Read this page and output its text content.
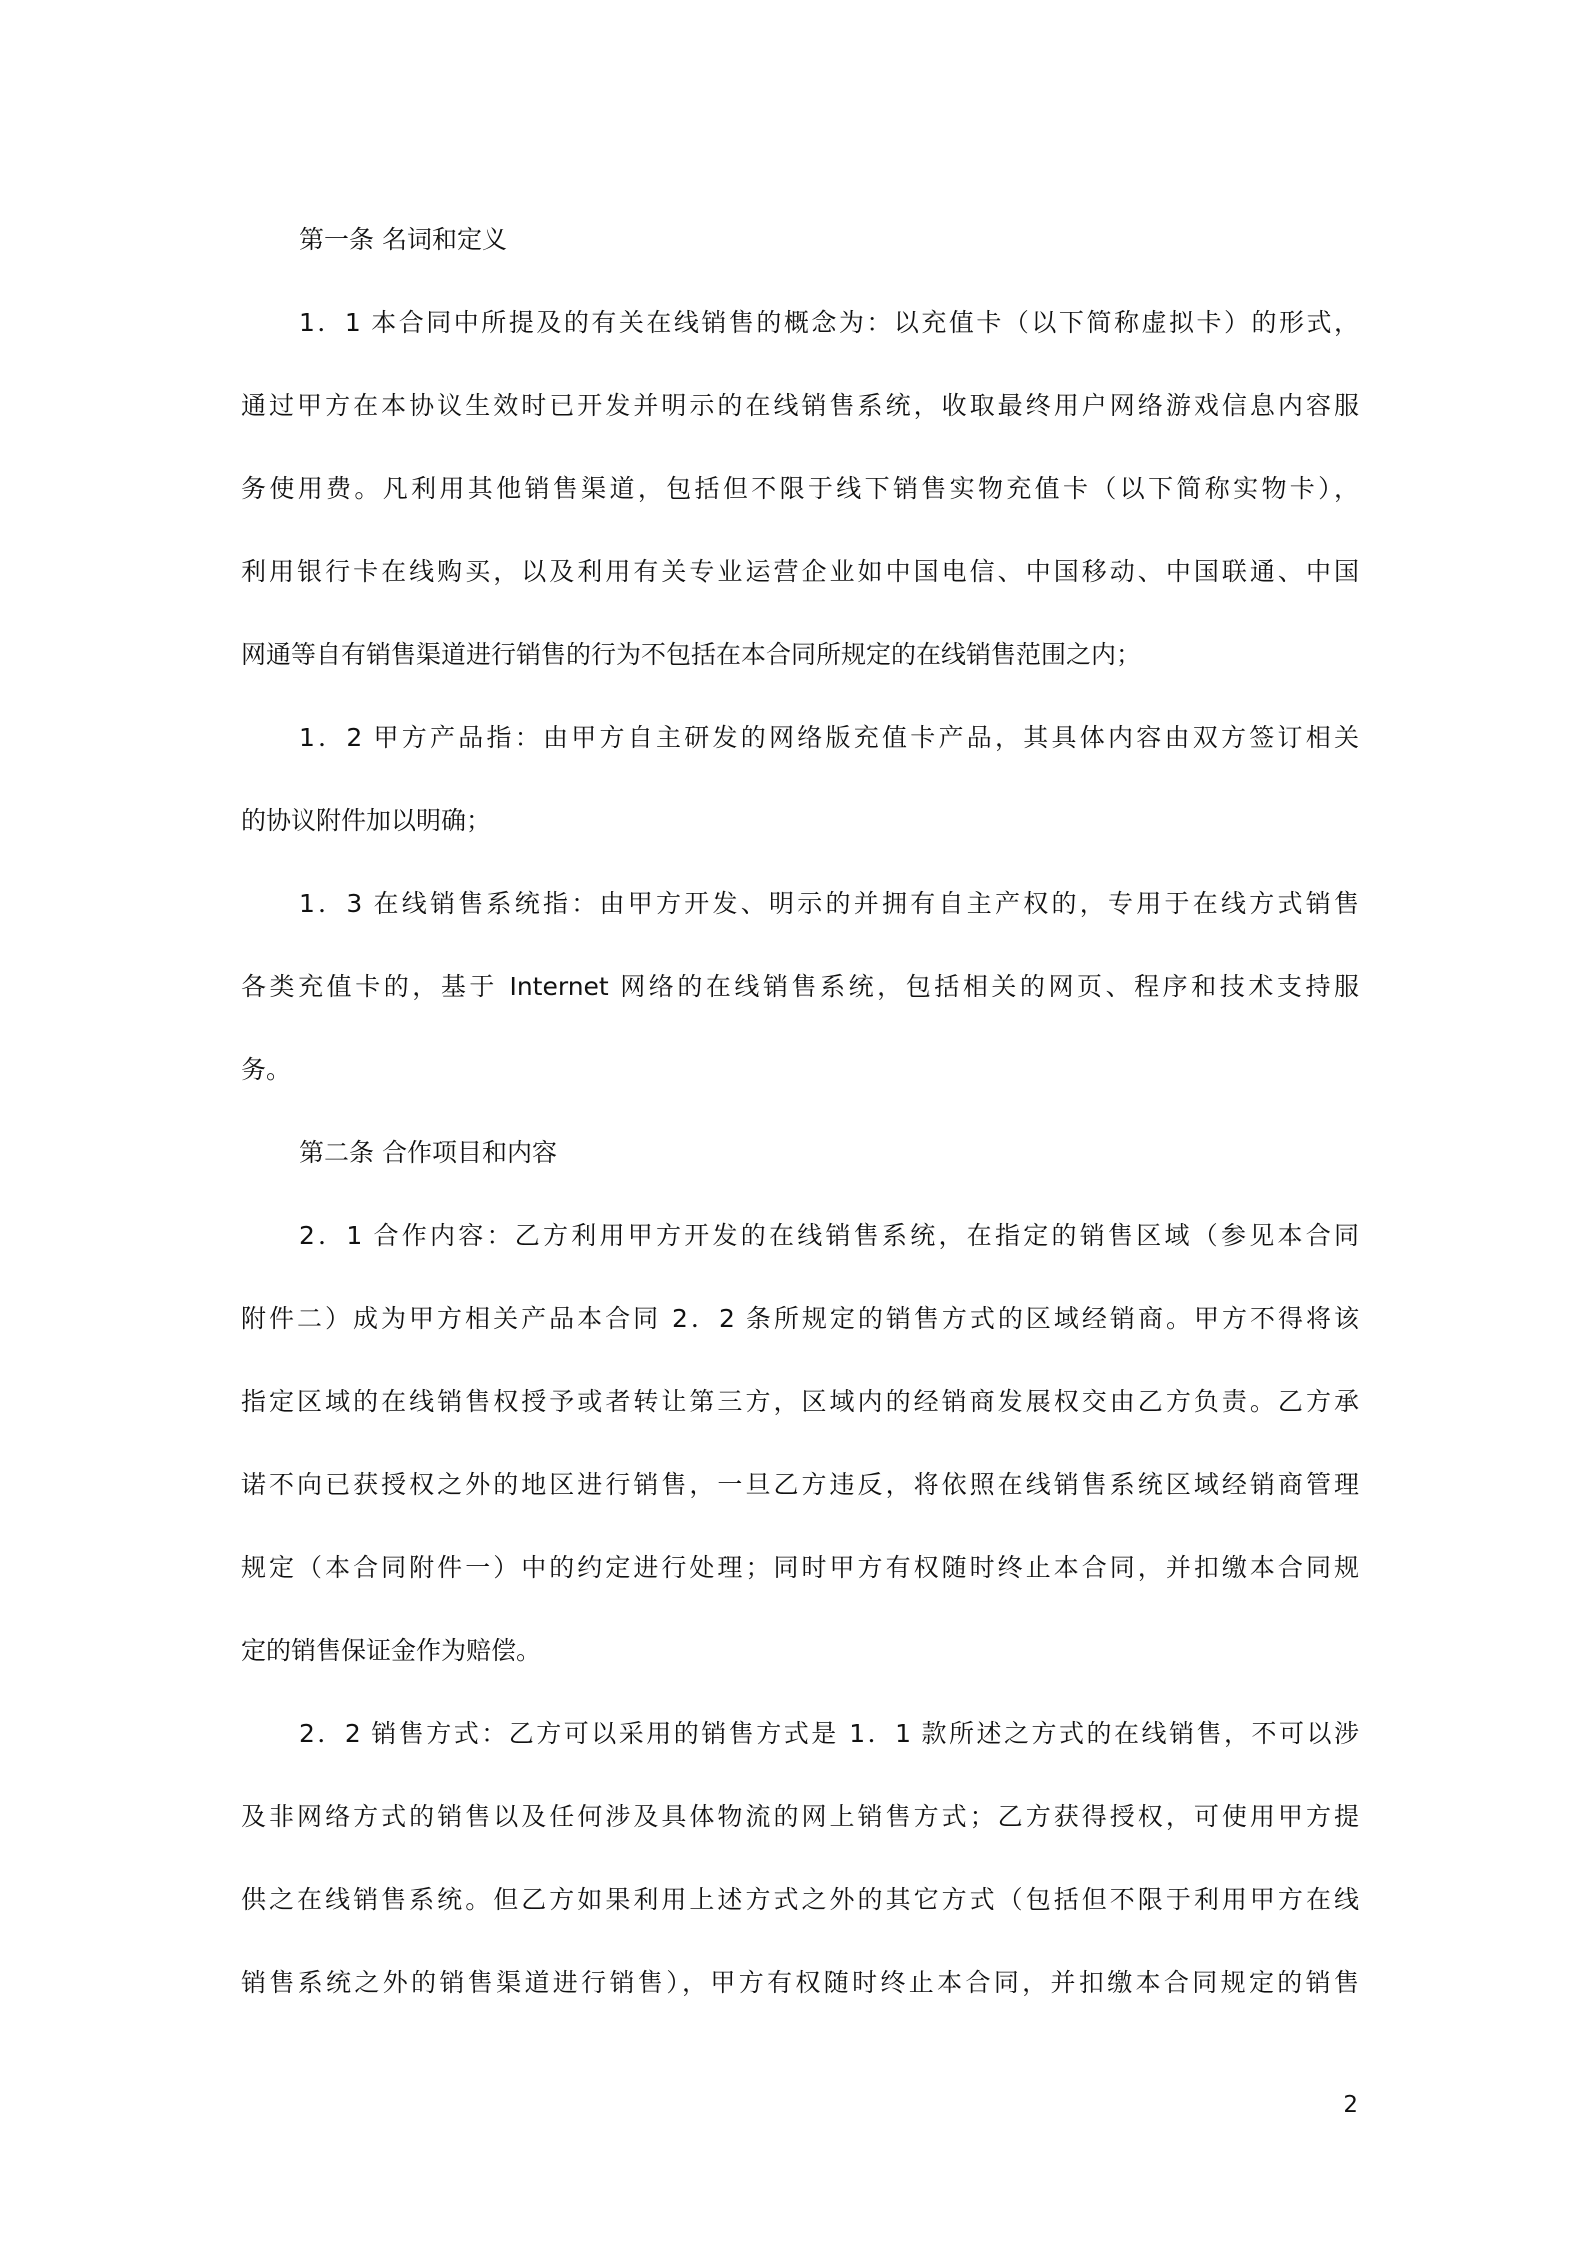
第一条 名词和定义

1．1 本合同中所提及的有关在线销售的概念为：以充值卡（以下简称虚拟卡）的形式，
通过甲方在本协议生效时已开发并明示的在线销售系统，收取最终用户网络游戏信息内容服
务使用费。凡利用其他销售渠道，包括但不限于线下销售实物充值卡（以下简称实物卡），
利用银行卡在线购买，以及利用有关专业运营企业如中国电信、中国移动、中国联通、中国
网通等自有销售渠道进行销售的行为不包括在本合同所规定的在线销售范围之内；
1．2 甲方产品指：由甲方自主研发的网络版充值卡产品，其具体内容由双方签订相关
的协议附件加以明确；
1．3 在线销售系统指：由甲方开发、明示的并拥有自主产权的，专用于在线方式销售
各类充值卡的，基于 Internet 网络的在线销售系统，包括相关的网页、程序和技术支持服
务。

第二条 合作项目和内容

2．1 合作内容：乙方利用甲方开发的在线销售系统，在指定的销售区域（参见本合同
附件二）成为甲方相关产品本合同 2．2 条所规定的销售方式的区域经销商。甲方不得将该
指定区域的在线销售权授予或者转让第三方，区域内的经销商发展权交由乙方负责。乙方承
诺不向已获授权之外的地区进行销售，一旦乙方违反，将依照在线销售系统区域经销商管理
规定（本合同附件一）中的约定进行处理；同时甲方有权随时终止本合同，并扣缴本合同规
定的销售保证金作为赔偿。
2．2 销售方式：乙方可以采用的销售方式是 1．1 款所述之方式的在线销售，不可以涉
及非网络方式的销售以及任何涉及具体物流的网上销售方式；乙方获得授权，可使用甲方提
供之在线销售系统。但乙方如果利用上述方式之外的其它方式（包括但不限于利用甲方在线
销售系统之外的销售渠道进行销售），甲方有权随时终止本合同，并扣缴本合同规定的销售
2
